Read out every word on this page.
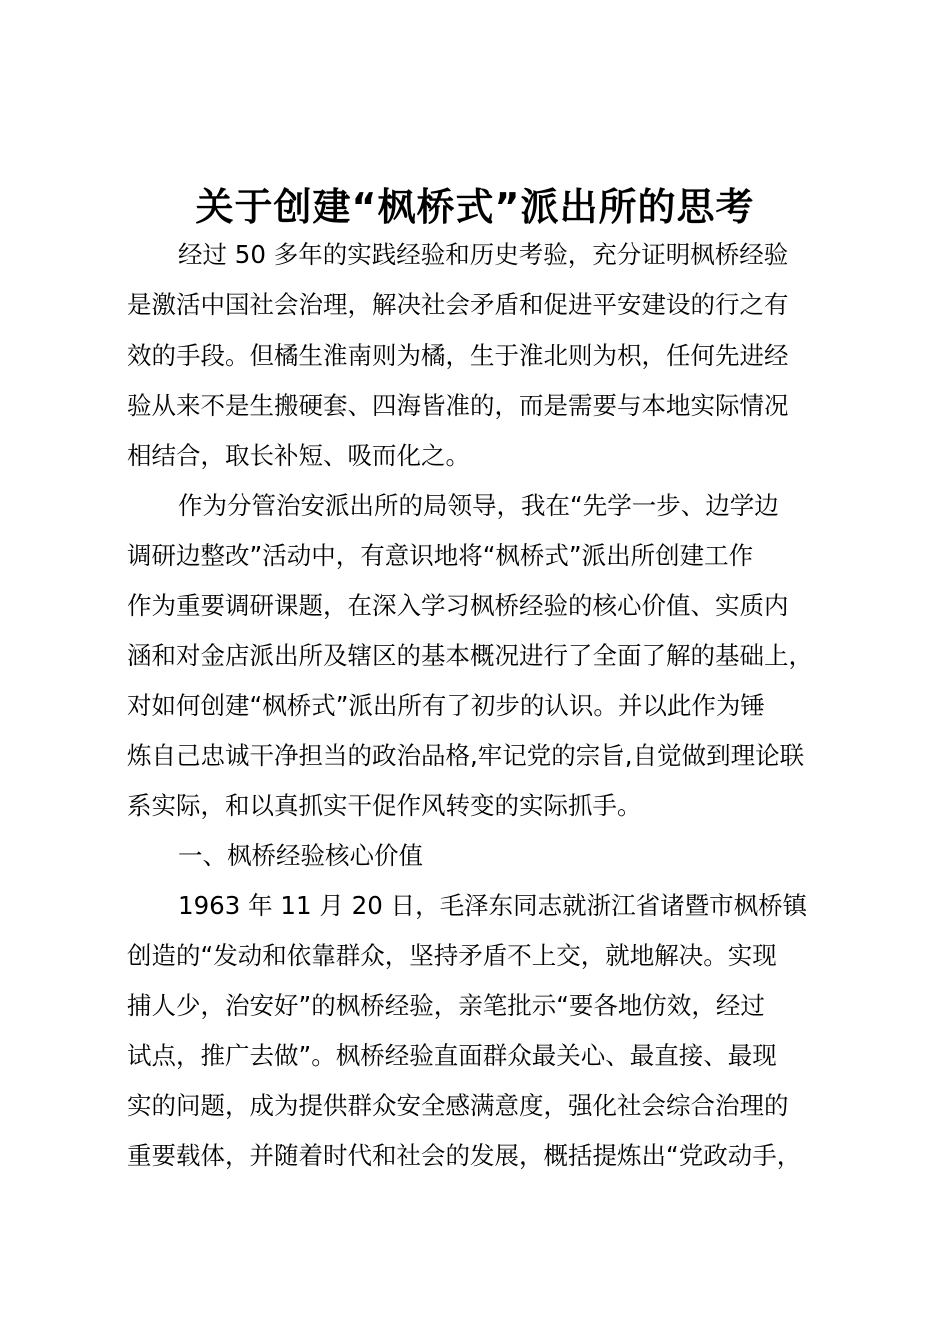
关于创建“枫桥式”派出所的思考

经过 50 多年的实践经验和历史考验，充分证明枫桥经验

是激活中国社会治理，解决社会矛盾和促进平安建设的行之有

效的手段。但橘生淮南则为橘，生于淮北则为枳，任何先进经

验从来不是生搬硬套、四海皆准的，而是需要与本地实际情况

相结合，取长补短、吸而化之。

作为分管治安派出所的局领导，我在“先学一步、边学边

调研边整改”活动中，有意识地将“枫桥式”派出所创建工作

作为重要调研课题，在深入学习枫桥经验的核心价值、实质内

涵和对金店派出所及辖区的基本概况进行了全面了解的基础上，

对如何创建“枫桥式”派出所有了初步的认识。并以此作为锤

炼自己忠诚干净担当的政治品格,牢记党的宗旨,自觉做到理论联

系实际，和以真抓实干促作风转变的实际抓手。

一、枫桥经验核心价值

1963 年 11 月 20 日，毛泽东同志就浙江省诸暨市枫桥镇

创造的“发动和依靠群众，坚持矛盾不上交，就地解决。实现

捕人少，治安好”的枫桥经验，亲笔批示“要各地仿效，经过

试点，推广去做”。枫桥经验直面群众最关心、最直接、最现

实的问题，成为提供群众安全感满意度，强化社会综合治理的

重要载体，并随着时代和社会的发展，概括提炼出“党政动手，
